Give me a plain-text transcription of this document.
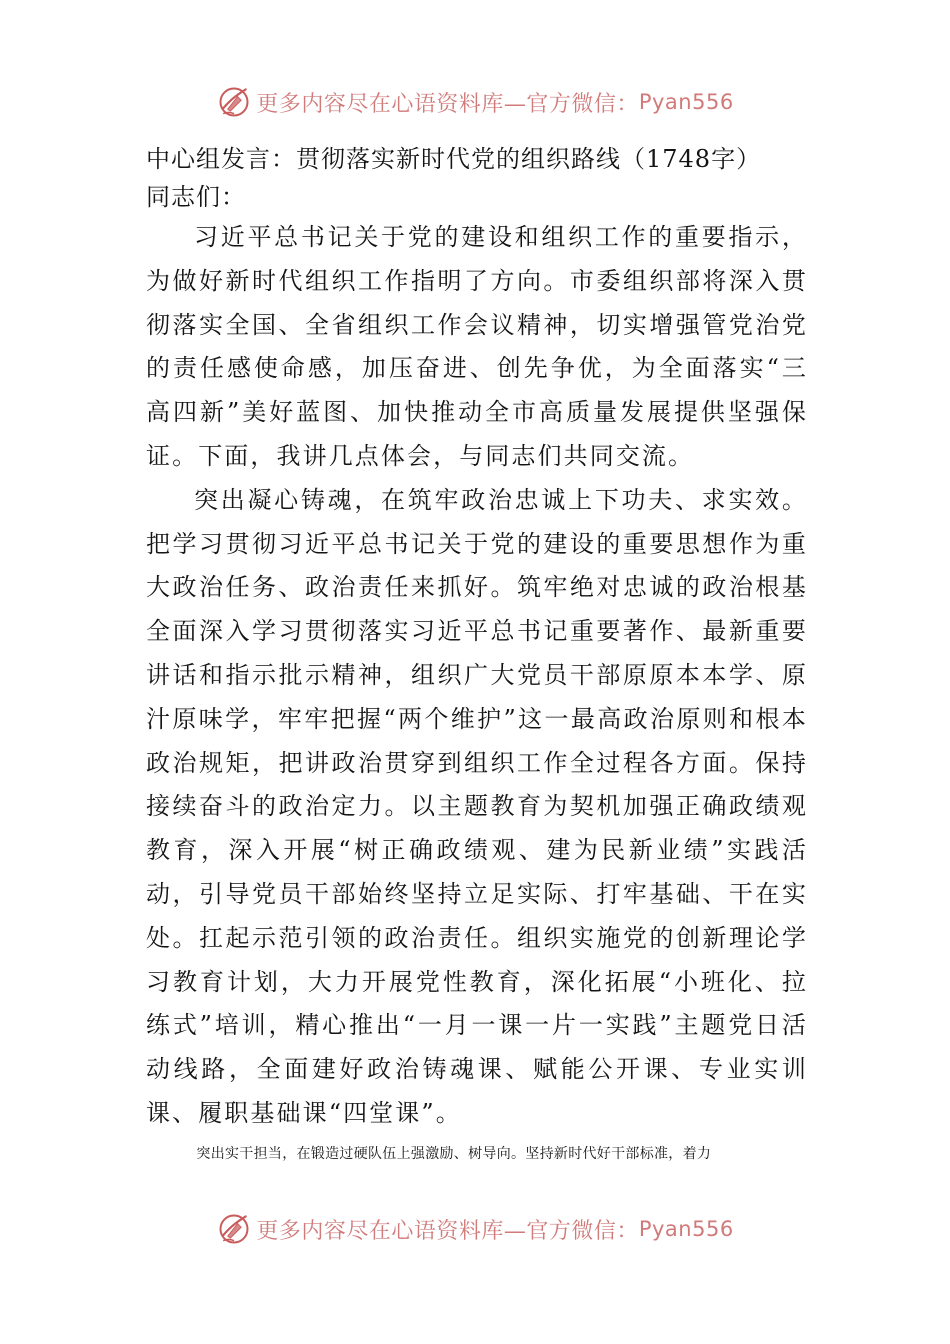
更多内容尽在心语资料库—官方微信： Pyan556
中心组发言：贯彻落实新时代党的组织路线（1748字）
同志们：

习近平总书记关于党的建设和组织工作的重要指示，为做好新时代组织工作指明了方向。市委组织部将深入贯彻落实全国、全省组织工作会议精神，切实增强管党治党的责任感使命感，加压奋进、创先争优，为全面落实“三高四新”美好蓝图、加快推动全市高质量发展提供坚强保证。下面，我讲几点体会，与同志们共同交流。

突出凝心铸魂，在筑牢政治忠诚上下功夫、求实效。把学习贯彻习近平总书记关于党的建设的重要思想作为重大政治任务、政治责任来抓好。筑牢绝对忠诚的政治根基全面深入学习贯彻落实习近平总书记重要著作、最新重要讲话和指示批示精神，组织广大党员干部原原本本学、原汁原味学，牢牢把握“两个维护”这一最高政治原则和根本政治规矩，把讲政治贯穿到组织工作全过程各方面。保持接续奋斗的政治定力。以主题教育为契机加强正确政绩观教育，深入开展“树正确政绩观、建为民新业绩”实践活动，引导党员干部始终坚持立足实际、打牢基础、干在实处。扛起示范引领的政治责任。组织实施党的创新理论学习教育计划，大力开展党性教育，深化拓展“小班化、拉练式”培训，精心推出“一月一课一片一实践”主题党日活动线路，全面建好政治铸魂课、赋能公开课、专业实训课、履职基础课“四堂课”。

突出实干担当，在锻造过硬队伍上强激励、树导向。坚持新时代好干部标准，着力
更多内容尽在心语资料库—官方微信： Pyan556
